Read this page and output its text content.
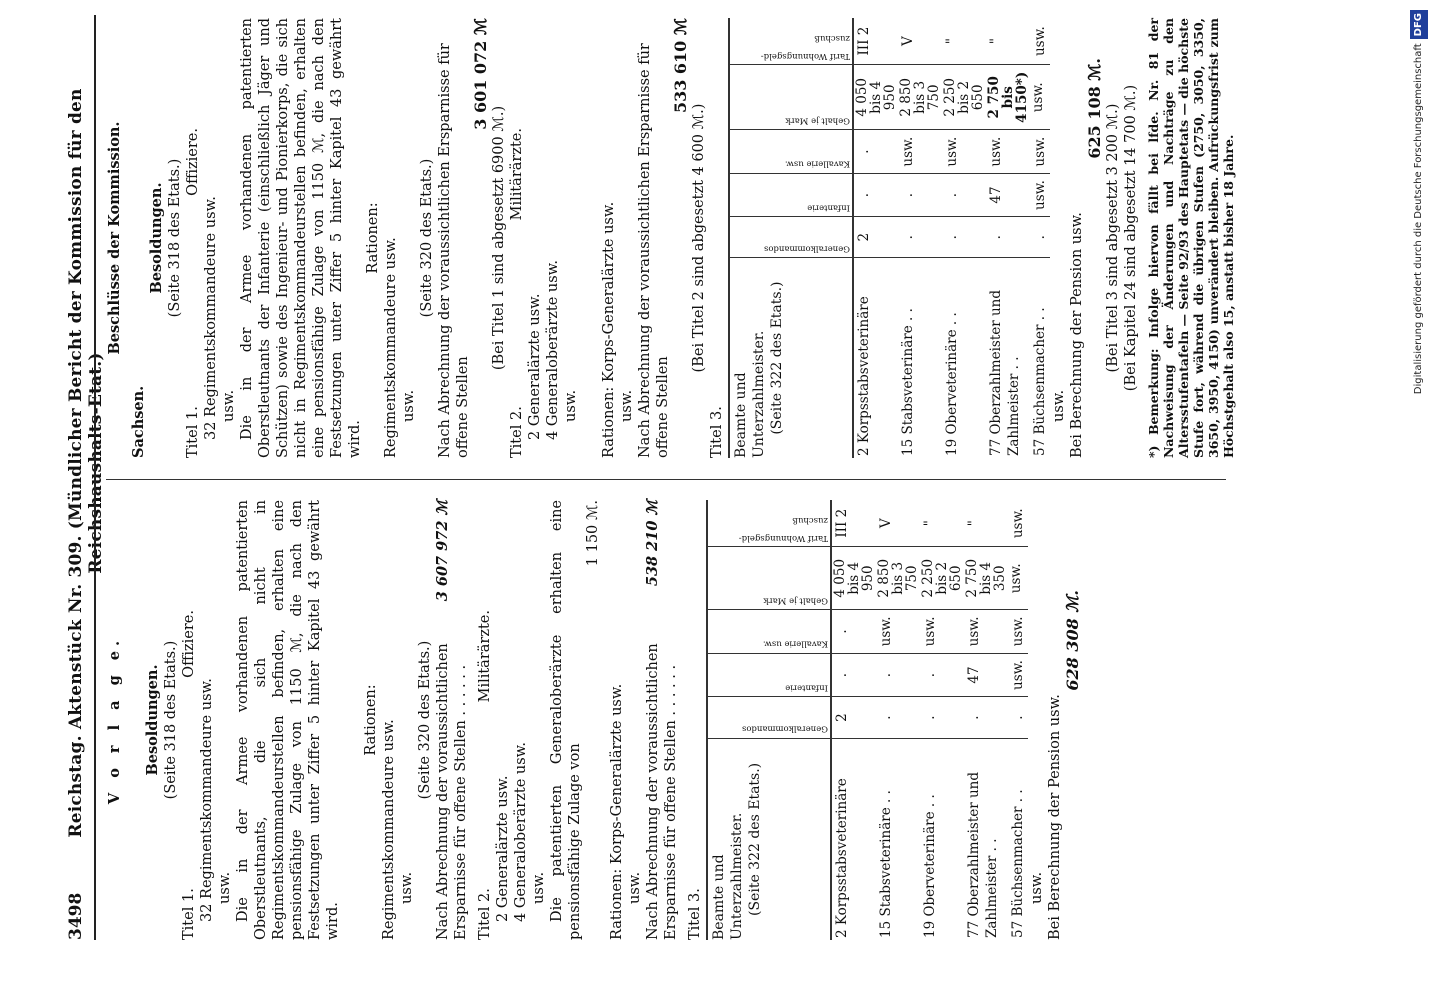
3498
Reichstag. Aktenstück Nr. 309. (Mündlicher Bericht der Kommission für den Reichshaushalts-Etat.)

V o r l a g e. Besoldungen. (Seite 318 des Etats.)

Titel 1.
Offiziere.

32 Regimentskommandeure usw. usw. Die in der Armee vorhandenen patentierten Oberstleutnants, die sich nicht in Regimentskommandeurstellen befinden, erhalten eine pensionsfähige Zulage von 1150 ℳ, die nach den Festsetzungen unter Ziffer 5 hinter Kapitel 43 gewährt wird.

Rationen: Regimentskommandeure usw. usw.

(Seite 320 des Etats.) Nach Abrechnung der voraussichtlichen Ersparnisse für offene Stellen . . . . . .
3 607 972 ℳ
Titel 2.
Militärärzte.

2 Generalärzte usw. 4 Generaloberärzte usw. usw. Die patentierten Generaloberärzte erhalten eine pensionsfähige Zulage von
1 150 ℳ.

Rationen: Korps-Generalärzte usw. usw. Nach Abrechnung der voraussichtlichen Ersparnisse für offene Stellen . . . . . .
538 210 ℳ

Titel 3. Beamte und Unterzahlmeister. (Seite 322 des Etats.)	Generalkommandos	Infanterie	Kavallerie usw.	Gehalt je Mark	Tarif Wohnungsgeld-zuschuß
2 Korpsstabsveterinäre	2	.	.	4 050 bis 4 950	III 2
15 Stabsveterinäre . .	.	.	usw.	2 850 bis 3 750	V
19 Oberveterinäre . .	.	.	usw.	2 250 bis 2 650	"
77 Oberzahlmeister und Zahlmeister . .	.	47	usw.	2 750 bis 4 350	"
57 Büchsenmacher . .	.	usw.	usw.	usw.	usw.

usw. Bei Berechnung der Pension usw.

628 308 ℳ.

Beschlüsse der Kommission.

Sachsen.

Besoldungen. (Seite 318 des Etats.)

Titel 1.
Offiziere.

32 Regimentskommandeure usw. usw. Die in der Armee vorhandenen patentierten Oberstleutnants der Infanterie (einschließlich Jäger und Schützen) sowie des Ingenieur- und Pionierkorps, die sich nicht in Regimentskommandeurstellen befinden, erhalten eine pensionsfähige Zulage von 1150 ℳ, die nach den Festsetzungen unter Ziffer 5 hinter Kapitel 43 gewährt wird.

Rationen: Regimentskommandeure usw. usw.

(Seite 320 des Etats.) Nach Abrechnung der voraussichtlichen Ersparnisse für offene Stellen

3 601 072 ℳ

(Bei Titel 1 sind abgesetzt 6900 ℳ.)

Titel 2.
Militärärzte.

2 Generalärzte usw. 4 Generaloberärzte usw. usw. Rationen: Korps-Generalärzte usw. usw. Nach Abrechnung der voraussichtlichen Ersparnisse für offene Stellen

533 610 ℳ

(Bei Titel 2 sind abgesetzt 4 600 ℳ.)

Titel 3. Beamte und Unterzahlmeister. (Seite 322 des Etats.)	Generalkommandos	Infanterie	Kavallerie usw.	Gehalt je Mark	Tarif Wohnungsgeld-zuschuß
2 Korpsstabsveterinäre	2	.	.	4 050 bis 4 950	III 2
15 Stabsveterinäre . .	.	.	usw.	2 850 bis 3 750	V
19 Oberveterinäre . .	.	.	usw.	2 250 bis 2 650	"
77 Oberzahlmeister und Zahlmeister . .	.	47	usw.	2 750 bis 4150*)	"
57 Büchsenmacher . .	.	usw.	usw.	usw.	usw.

usw. Bei Berechnung der Pension usw.

625 108 ℳ. (Bei Titel 3 sind abgesetzt 3 200 ℳ.) (Bei Kapitel 24 sind abgesetzt 14 700 ℳ.) *) Bemerkung: Infolge hiervon fällt bei lfde. Nr. 81 der Nachweisung der Änderungen und Nachträge zu den Altersstufentafeln — Seite 92/93 des Hauptetats — die höchste Stufe fort, während die übrigen Stufen (2750, 3050, 3350, 3650, 3950, 4150) unverändert bleiben. Aufrückungsfrist zum Höchstgehalt also 15, anstatt bisher 18 Jahre.	Digitalisierung gefördert durch die Deutsche ForschungsgemeinschaftDFG
